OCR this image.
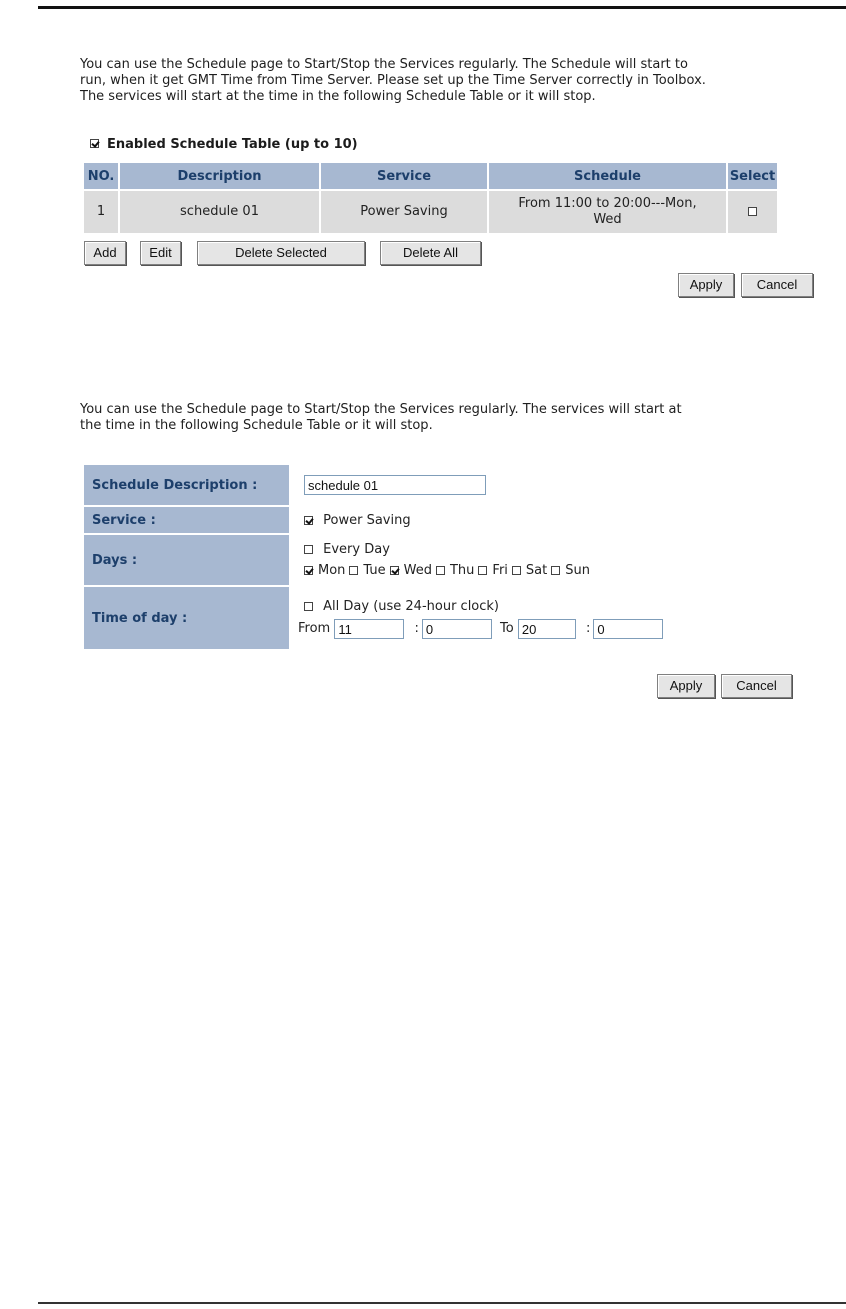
You can use the Schedule page to Start/Stop the Services regularly. The Schedule will start to

run, when it get GMT Time from Time Server. Please set up the Time Server correctly in Toolbox.

The services will start at the time in the following Schedule Table or it will stop.

Enabled Schedule Table (up to 10)
NO.	Description	Service	Schedule	Select
1	schedule 01	Power Saving	From 11:00 to 20:00---Mon,
Wed	

Add	Edit	Delete Selected	Delete All
Apply	Cancel

You can use the Schedule page to Start/Stop the Services regularly. The services will start at

the time in the following Schedule Table or it will stop.

Schedule Description :	schedule 01
Service :	Power Saving
Days :	Every Day
Mon Tue Wed Thu Fri Sat Sun

Time of day :	All Day (use 24-hour clock)
From 11 : 0 To 20 : 0
Apply	Cancel
